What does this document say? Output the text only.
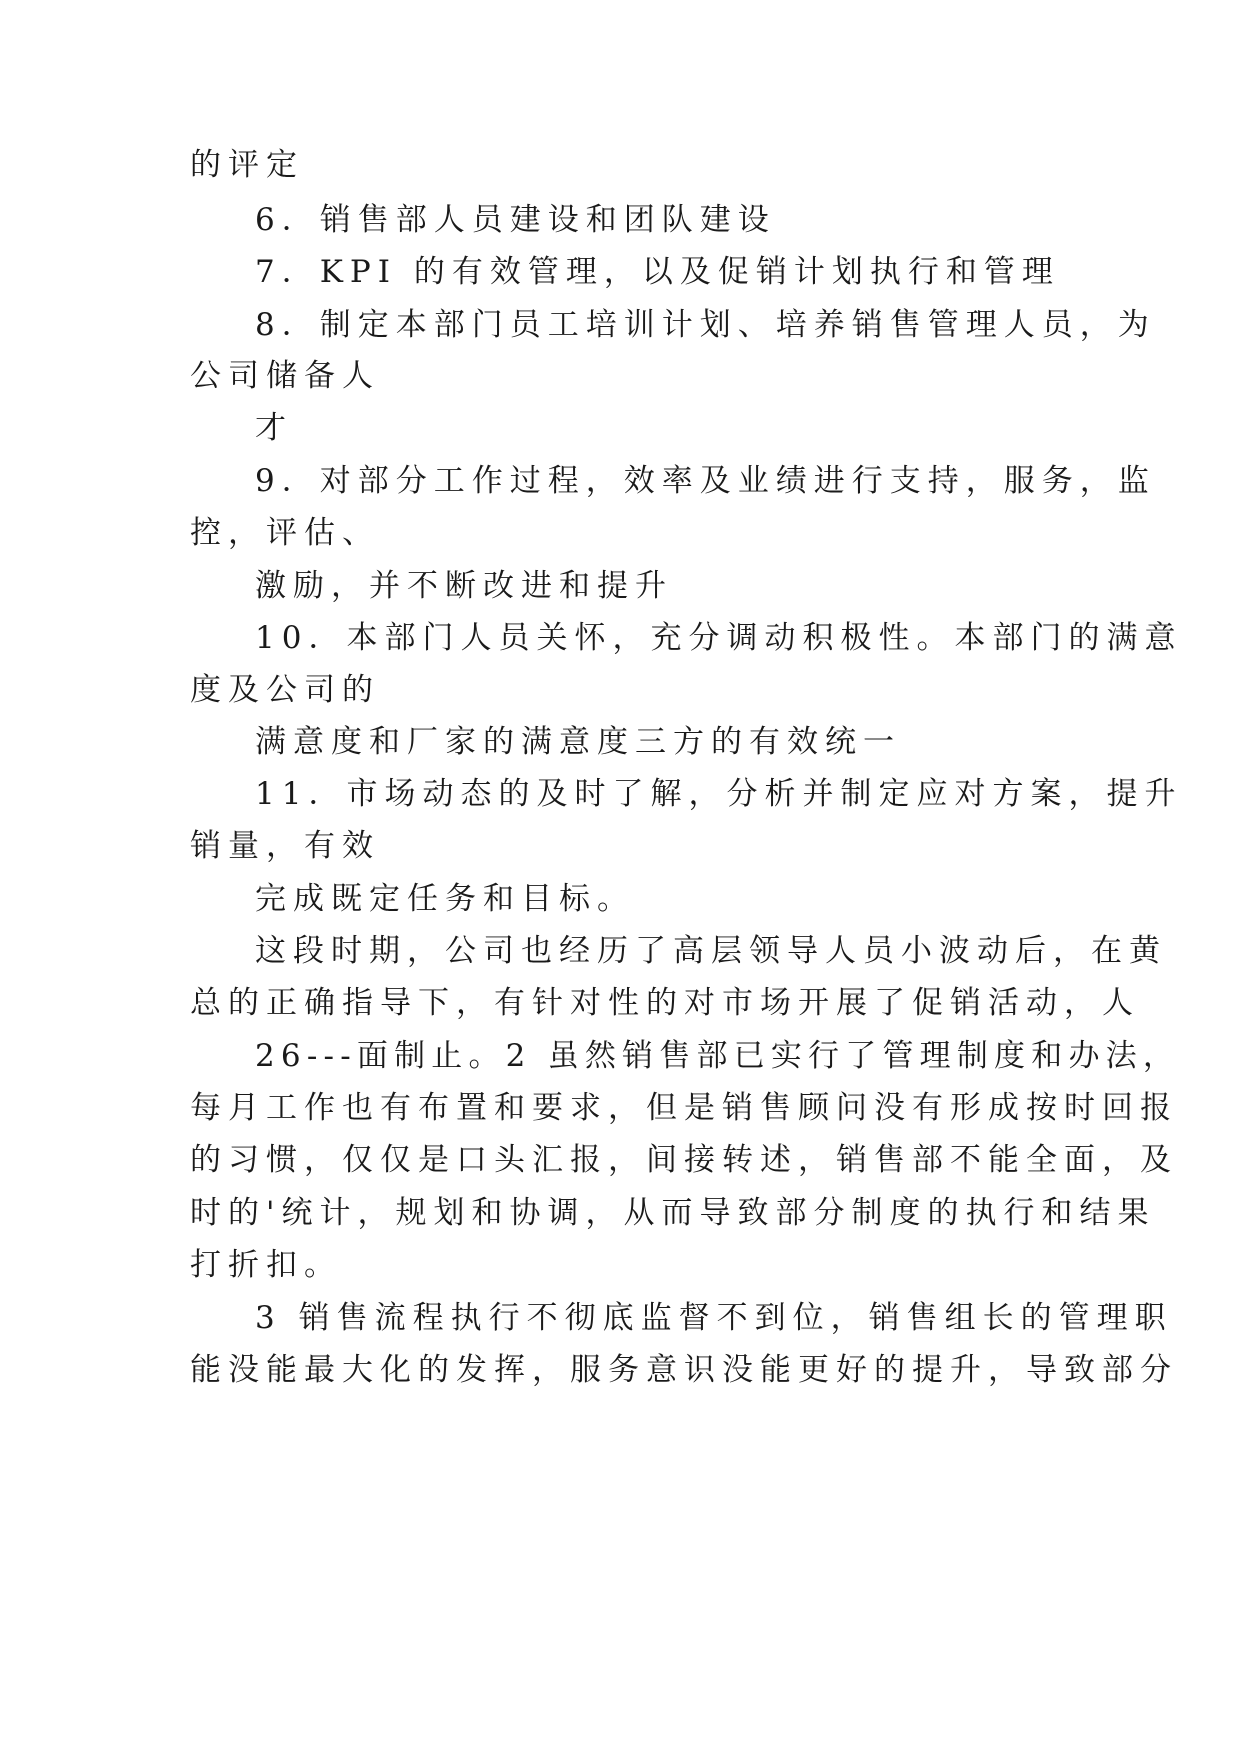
的评定
6．销售部人员建设和团队建设
7．KPI 的有效管理，以及促销计划执行和管理
8．制定本部门员工培训计划、培养销售管理人员，为
公司储备人
才
9．对部分工作过程，效率及业绩进行支持，服务，监
控，评估、
激励，并不断改进和提升
10．本部门人员关怀，充分调动积极性。本部门的满意
度及公司的
满意度和厂家的满意度三方的有效统一
11．市场动态的及时了解，分析并制定应对方案，提升
销量，有效
完成既定任务和目标。
这段时期，公司也经历了高层领导人员小波动后，在黄
总的正确指导下，有针对性的对市场开展了促销活动，人
26---面制止。2 虽然销售部已实行了管理制度和办法，
每月工作也有布置和要求，但是销售顾问没有形成按时回报
的习惯，仅仅是口头汇报，间接转述，销售部不能全面，及
时的'统计，规划和协调，从而导致部分制度的执行和结果
打折扣。
3 销售流程执行不彻底监督不到位，销售组长的管理职
能没能最大化的发挥，服务意识没能更好的提升，导致部分
